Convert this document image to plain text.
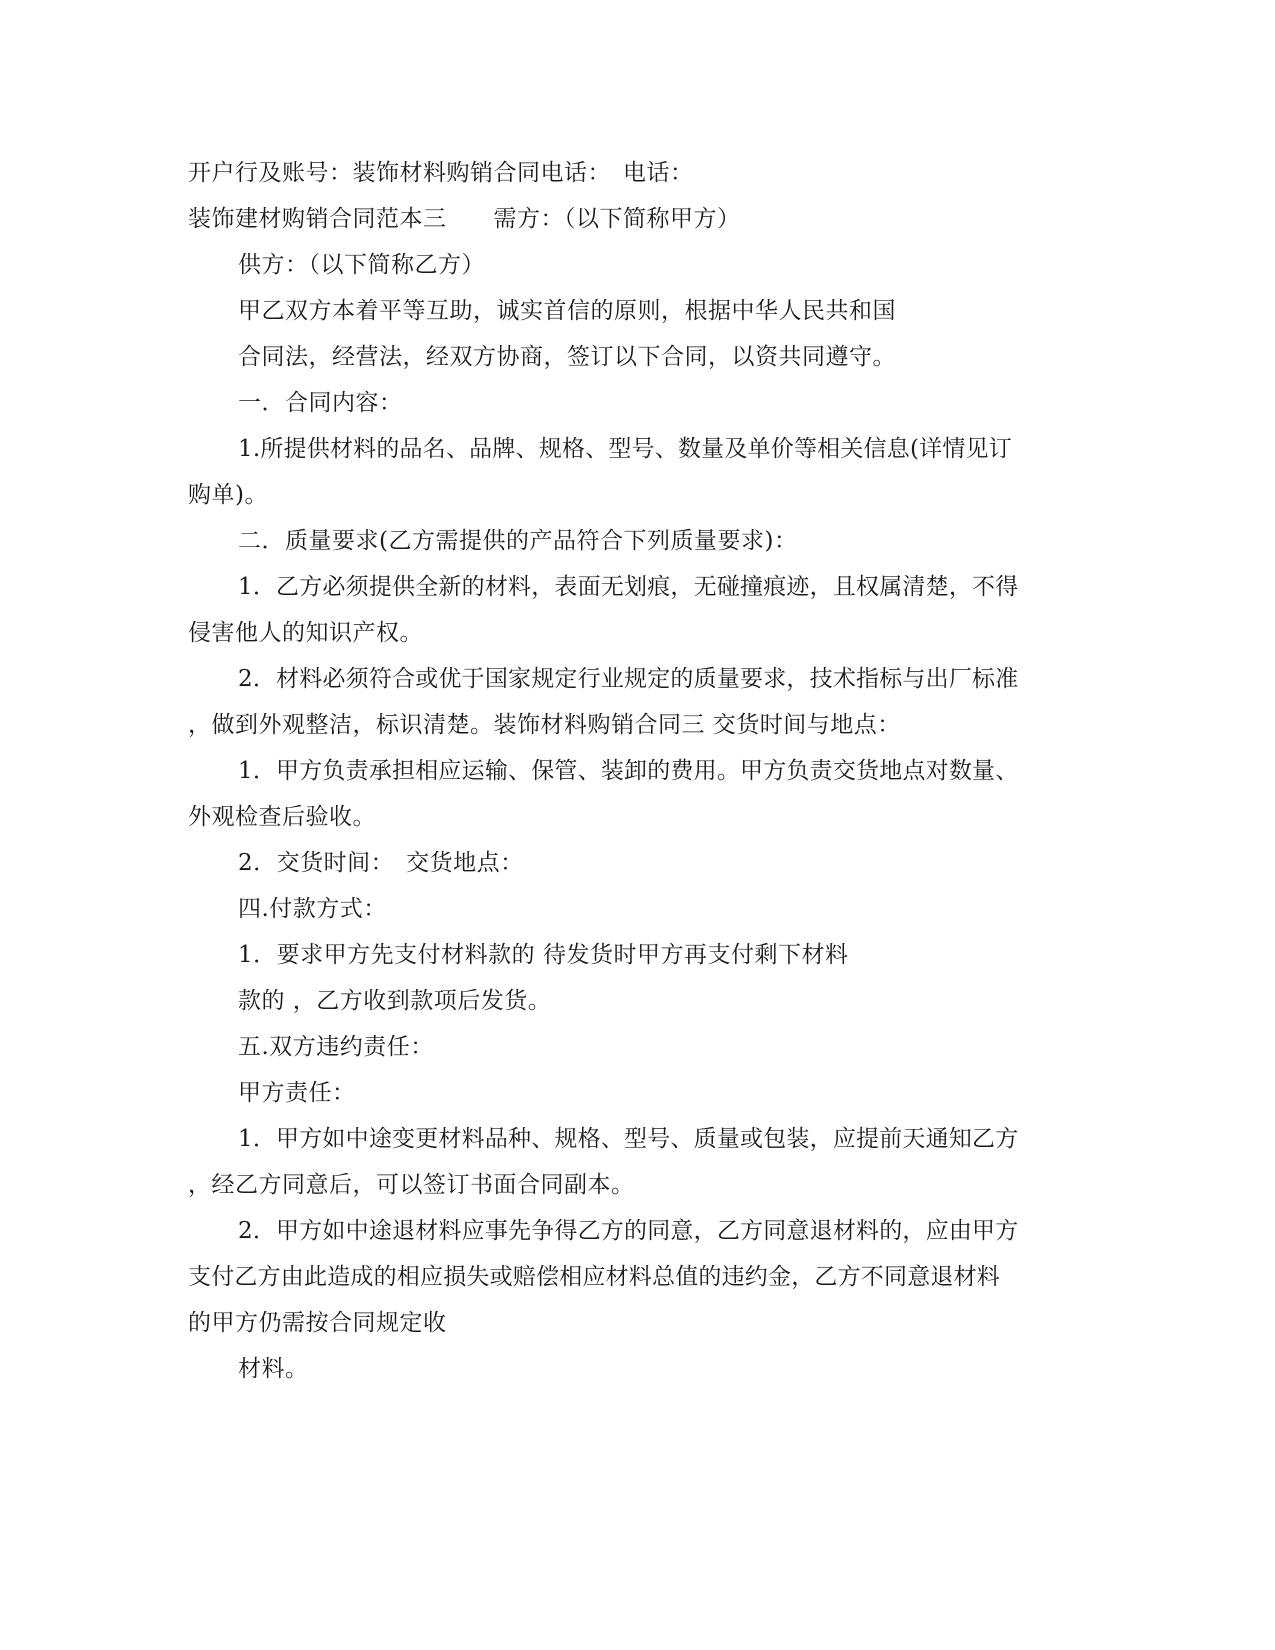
开户行及账号：装饰材料购销合同电话：　电话：
装饰建材购销合同范本三　　需方：（以下简称甲方）
供方：（以下简称乙方）
甲乙双方本着平等互助，诚实首信的原则，根据中华人民共和国
合同法，经营法，经双方协商，签订以下合同，以资共同遵守。
一．合同内容：
1.所提供材料的品名、品牌、规格、型号、数量及单价等相关信息(详情见订
购单)。
二．质量要求(乙方需提供的产品符合下列质量要求)：
1．乙方必须提供全新的材料，表面无划痕，无碰撞痕迹，且权属清楚，不得
侵害他人的知识产权。
2．材料必须符合或优于国家规定行业规定的质量要求，技术指标与出厂标准
，做到外观整洁，标识清楚。装饰材料购销合同三 交货时间与地点：
1．甲方负责承担相应运输、保管、装卸的费用。甲方负责交货地点对数量、
外观检查后验收。
2．交货时间：　交货地点：
四.付款方式：
1．要求甲方先支付材料款的 待发货时甲方再支付剩下材料
款的 ，乙方收到款项后发货。
五.双方违约责任：
甲方责任：
1．甲方如中途变更材料品种、规格、型号、质量或包装，应提前天通知乙方
，经乙方同意后，可以签订书面合同副本。
2．甲方如中途退材料应事先争得乙方的同意，乙方同意退材料的，应由甲方
支付乙方由此造成的相应损失或赔偿相应材料总值的违约金，乙方不同意退材料
的甲方仍需按合同规定收
材料。
